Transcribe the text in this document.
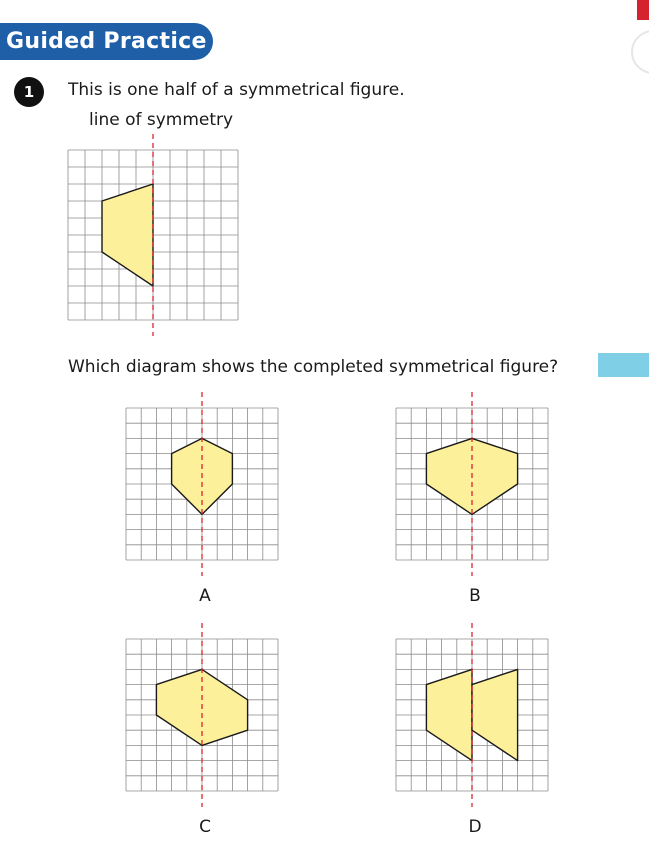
Guided Practice
1	This is one half of a symmetrical figure.
line of symmetry
Which diagram shows the completed symmetrical figure?
A	B
C	D
